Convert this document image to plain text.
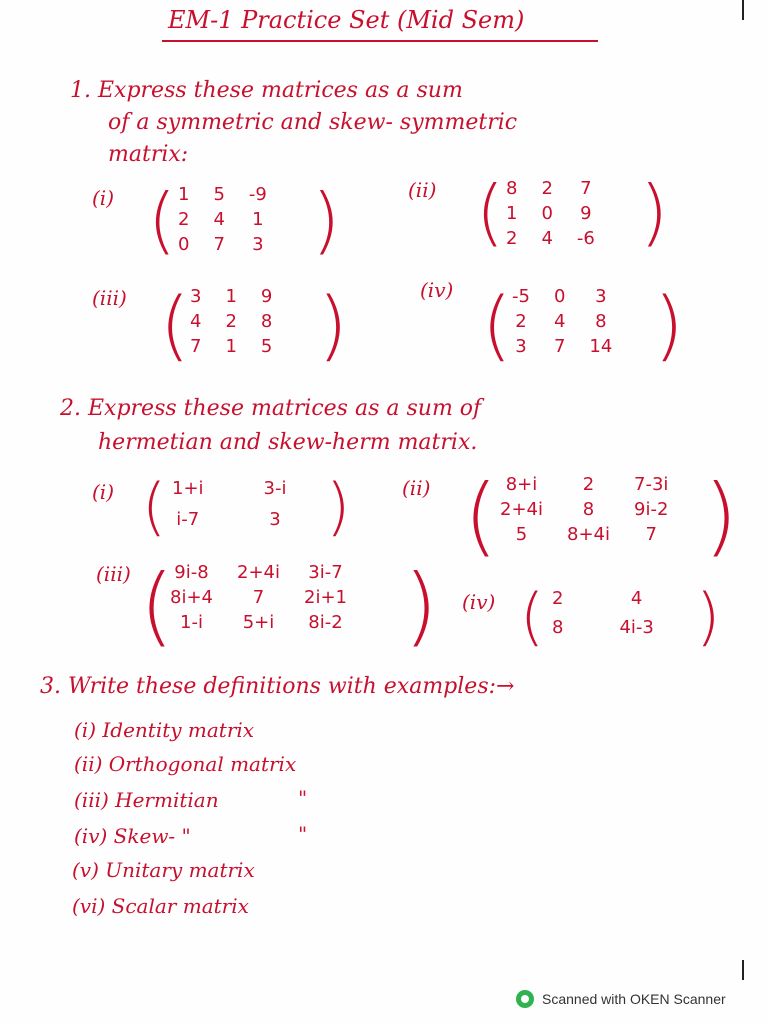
EM-1 Practice Set (Mid Sem)
1. Express these matrices as a sum
of a symmetric and skew- symmetric
matrix:
(i) ( 1	5	-9
2	4	1
0	7	3 )	(ii) ( 8	2	7
1	0	9
2	4	-6 )
(iii) ( 3	1	9
4	2	8
7	1	5 )	(iv) ( -5	0	3
2	4	8
3	7	14 )
2. Express these matrices as a sum of
hermetian and skew-herm matrix.
(i) ( 1+i	3-i
i-7	3 )	(ii) ( 8+i	2	7-3i
2+4i	8	9i-2
5	8+4i	7 )
(iii) ( 9i-8	2+4i	3i-7
8i+4	7	2i+1
1-i	5+i	8i-2 ) (iv) ( 2	4
8	4i-3 )
3. Write these definitions with examples:→
(i) Identity matrix
(ii) Orthogonal matrix
(iii) Hermitian	"
(iv) Skew- "	"
(v) Unitary matrix
(vi) Scalar matrix
Scanned with OKEN Scanner
